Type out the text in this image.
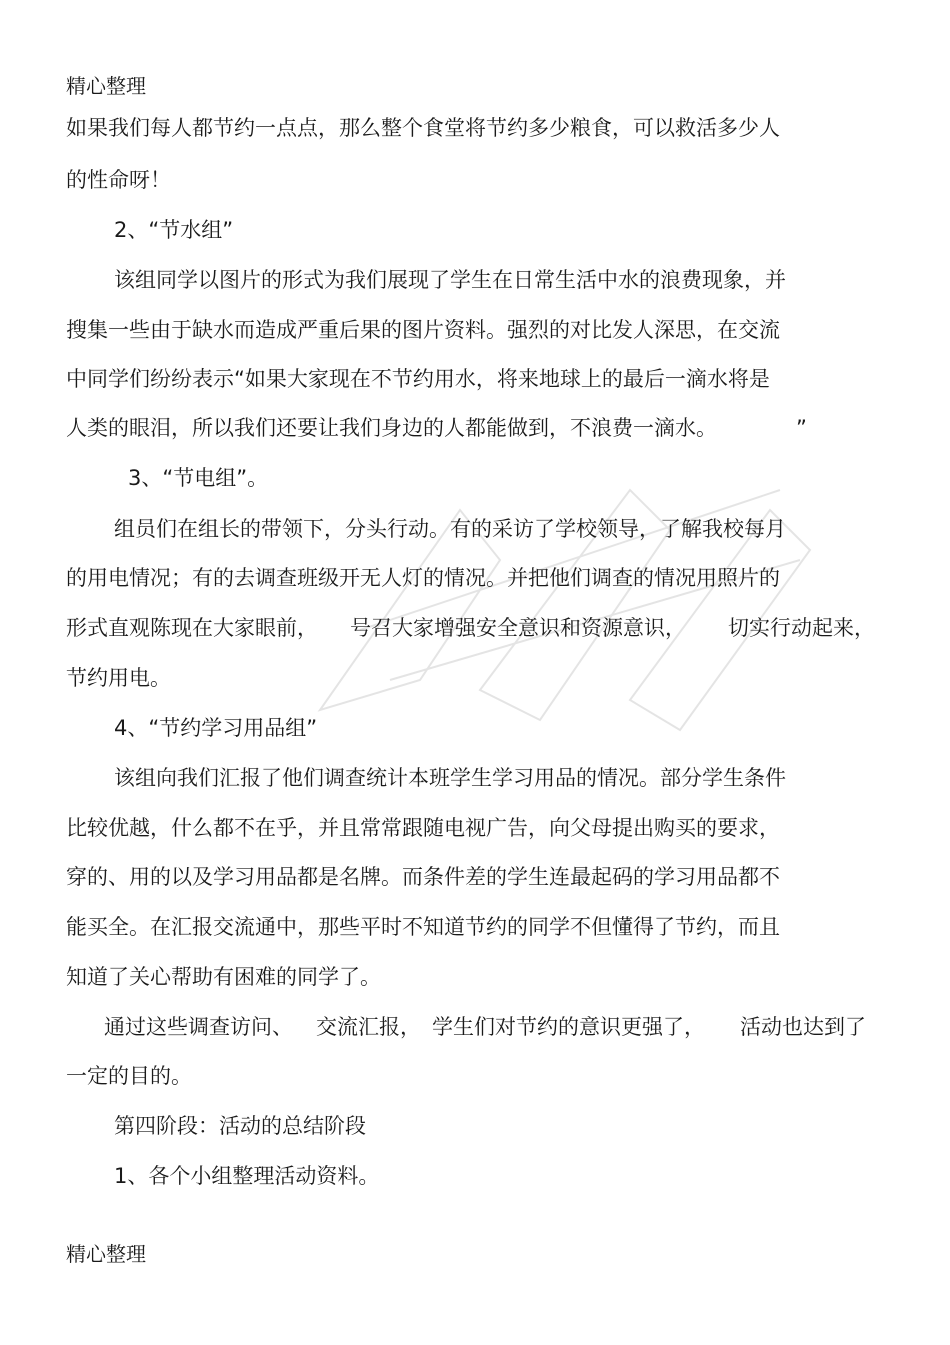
精心整理
如果我们每人都节约一点点，那么整个食堂将节约多少粮食，可以救活多少人
的性命呀！
2、“节水组”
该组同学以图片的形式为我们展现了学生在日常生活中水的浪费现象，并
搜集一些由于缺水而造成严重后果的图片资料。强烈的对比发人深思，在交流
中同学们纷纷表示“如果大家现在不节约用水，将来地球上的最后一滴水将是
人类的眼泪，所以我们还要让我们身边的人都能做到，不浪费一滴水。	”
3、“节电组”。
组员们在组长的带领下，分头行动。有的采访了学校领导，了解我校每月
的用电情况；有的去调查班级开无人灯的情况。并把他们调查的情况用照片的
形式直观陈现在大家眼前， 号召大家增强安全意识和资源意识， 切实行动起来，
节约用电。
4、“节约学习用品组”
该组向我们汇报了他们调查统计本班学生学习用品的情况。部分学生条件
比较优越，什么都不在乎，并且常常跟随电视广告，向父母提出购买的要求，
穿的、用的以及学习用品都是名牌。而条件差的学生连最起码的学习用品都不
能买全。在汇报交流通中，那些平时不知道节约的同学不但懂得了节约，而且
知道了关心帮助有困难的同学了。
通过这些调查访问、 交流汇报， 学生们对节约的意识更强了， 活动也达到了
一定的目的。
第四阶段：活动的总结阶段
1、各个小组整理活动资料。
精心整理
